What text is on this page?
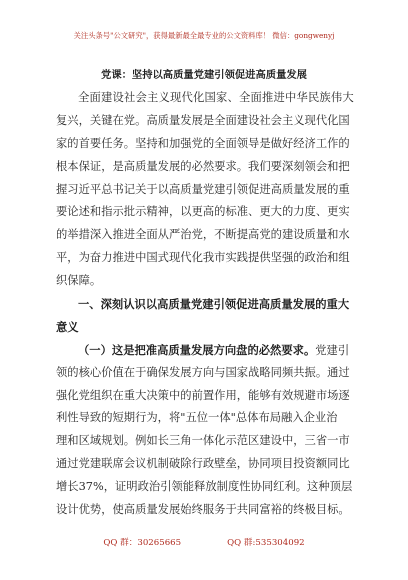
关注头条号"公文研究"，获得最新最全最专业的公文资料库！ 微信：gongwenyj
党课：坚持以高质量党建引领促进高质量发展
全面建设社会主义现代化国家、全面推进中华民族伟大
复兴，关键在党。高质量发展是全面建设社会主义现代化国
家的首要任务。坚持和加强党的全面领导是做好经济工作的
根本保证，是高质量发展的必然要求。我们要深刻领会和把
握习近平总书记关于以高质量党建引领促进高质量发展的重
要论述和指示批示精神，以更高的标准、更大的力度、更实
的举措深入推进全面从严治党，不断提高党的建设质量和水
平，为奋力推进中国式现代化我市实践提供坚强的政治和组
织保障。
一、深刻认识以高质量党建引领促进高质量发展的重大
意义
（一）这是把准高质量发展方向盘的必然要求。党建引
领的核心价值在于确保发展方向与国家战略同频共振。通过
强化党组织在重大决策中的前置作用，能够有效规避市场逐
利性导致的短期行为，将"五位一体"总体布局融入企业治
理和区域规划。例如长三角一体化示范区建设中，三省一市
通过党建联席会议机制破除行政壁垒，协同项目投资额同比
增长37%，证明政治引领能释放制度性协同红利。这种顶层
设计优势，使高质量发展始终服务于共同富裕的终极目标。
QQ 群：30265665	QQ 群:535304092
